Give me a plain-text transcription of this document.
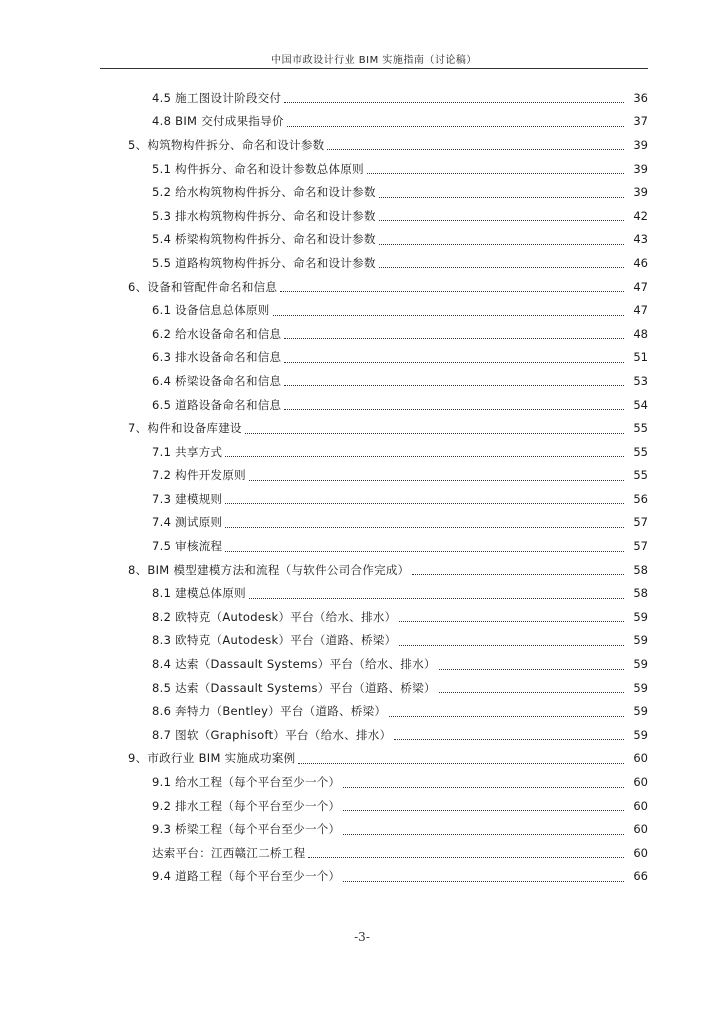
中国市政设计行业 BIM 实施指南（讨论稿）
4.5 施工图设计阶段交付	36
4.8 BIM 交付成果指导价	37
5、构筑物构件拆分、命名和设计参数	39
5.1 构件拆分、命名和设计参数总体原则	39
5.2 给水构筑物构件拆分、命名和设计参数	39
5.3 排水构筑物构件拆分、命名和设计参数	42
5.4 桥梁构筑物构件拆分、命名和设计参数	43
5.5 道路构筑物构件拆分、命名和设计参数	46
6、设备和管配件命名和信息	47
6.1 设备信息总体原则	47
6.2 给水设备命名和信息	48
6.3 排水设备命名和信息	51
6.4 桥梁设备命名和信息	53
6.5 道路设备命名和信息	54
7、构件和设备库建设	55
7.1 共享方式	55
7.2 构件开发原则	55
7.3 建模规则	56
7.4 测试原则	57
7.5 审核流程	57
8、BIM 模型建模方法和流程（与软件公司合作完成）	58
8.1 建模总体原则	58
8.2 欧特克（Autodesk）平台（给水、排水）	59
8.3 欧特克（Autodesk）平台（道路、桥梁）	59
8.4 达索（Dassault Systems）平台（给水、排水）	59
8.5 达索（Dassault Systems）平台（道路、桥梁）	59
8.6 奔特力（Bentley）平台（道路、桥梁）	59
8.7 图软（Graphisoft）平台（给水、排水）	59
9、市政行业 BIM 实施成功案例	60
9.1 给水工程（每个平台至少一个）	60
9.2 排水工程（每个平台至少一个）	60
9.3 桥梁工程（每个平台至少一个）	60
达索平台：江西赣江二桥工程	60
9.4 道路工程（每个平台至少一个）	66
-3-
